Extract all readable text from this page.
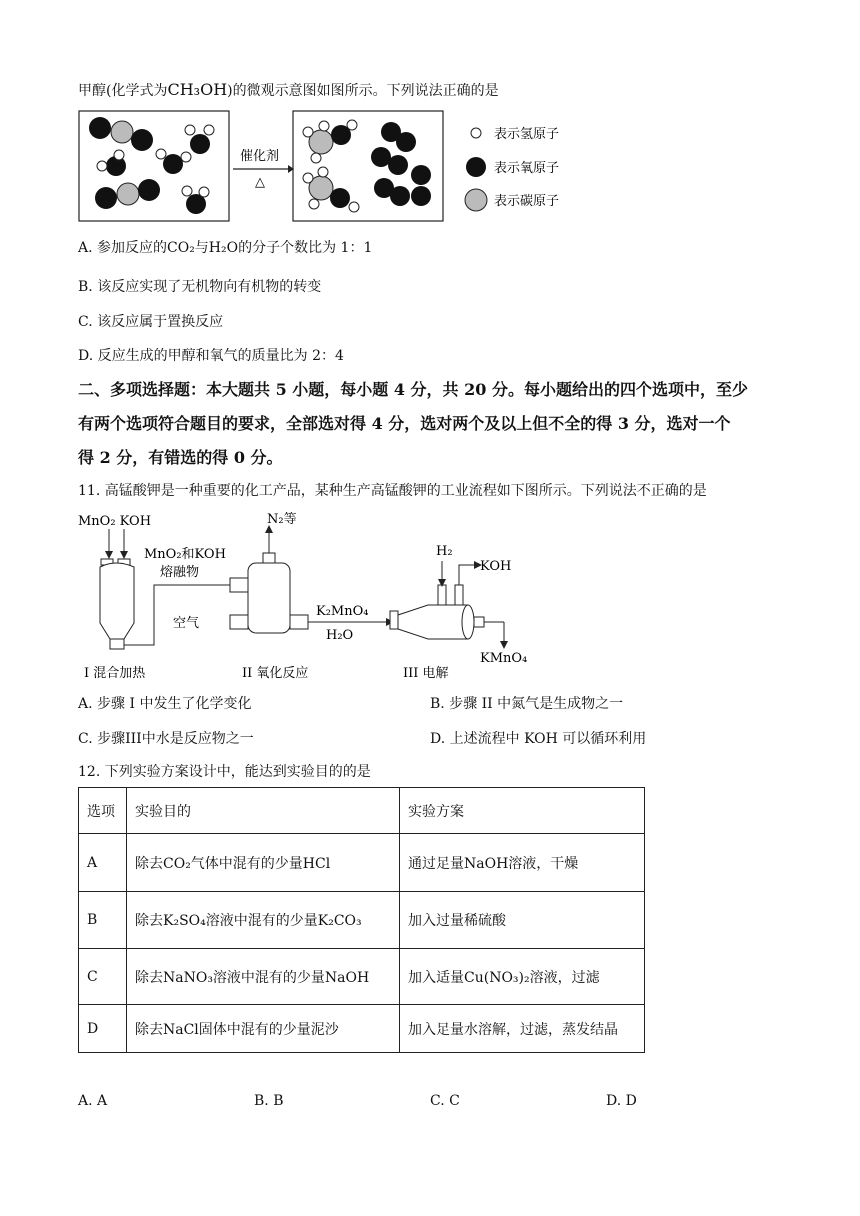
甲醇(化学式为CH₃OH)的微观示意图如图所示。下列说法正确的是
催化剂
△
表示氢原子
表示氧原子
表示碳原子
A. 参加反应的CO₂与H₂O的分子个数比为 1：1
B. 该反应实现了无机物向有机物的转变
C. 该反应属于置换反应
D. 反应生成的甲醇和氧气的质量比为 2：4
二、多项选择题：本大题共 5 小题，每小题 4 分，共 20 分。每小题给出的四个选项中，至少
有两个选项符合题目的要求，全部选对得 4 分，选对两个及以上但不全的得 3 分，选对一个
得 2 分，有错选的得 0 分。
11. 高锰酸钾是一种重要的化工产品，某种生产高锰酸钾的工业流程如下图所示。下列说法不正确的是
MnO₂ KOH
MnO₂和KOH
熔融物
I 混合加热
N₂等
空气
K₂MnO₄
H₂O
II 氧化反应
KMnO₄
H₂
KOH
III 电解
A. 步骤 I 中发生了化学变化	B. 步骤 II 中氮气是生成物之一
C. 步骤III中水是反应物之一	D. 上述流程中 KOH 可以循环利用
12. 下列实验方案设计中，能达到实验目的的是
选项	实验目的	实验方案
A	除去CO₂气体中混有的少量HCl	通过足量NaOH溶液，干燥
B	除去K₂SO₄溶液中混有的少量K₂CO₃	加入过量稀硫酸
C	除去NaNO₃溶液中混有的少量NaOH	加入适量Cu(NO₃)₂溶液，过滤
D	除去NaCl固体中混有的少量泥沙	加入足量水溶解，过滤，蒸发结晶
A. A	B. B	C. C	D. D
